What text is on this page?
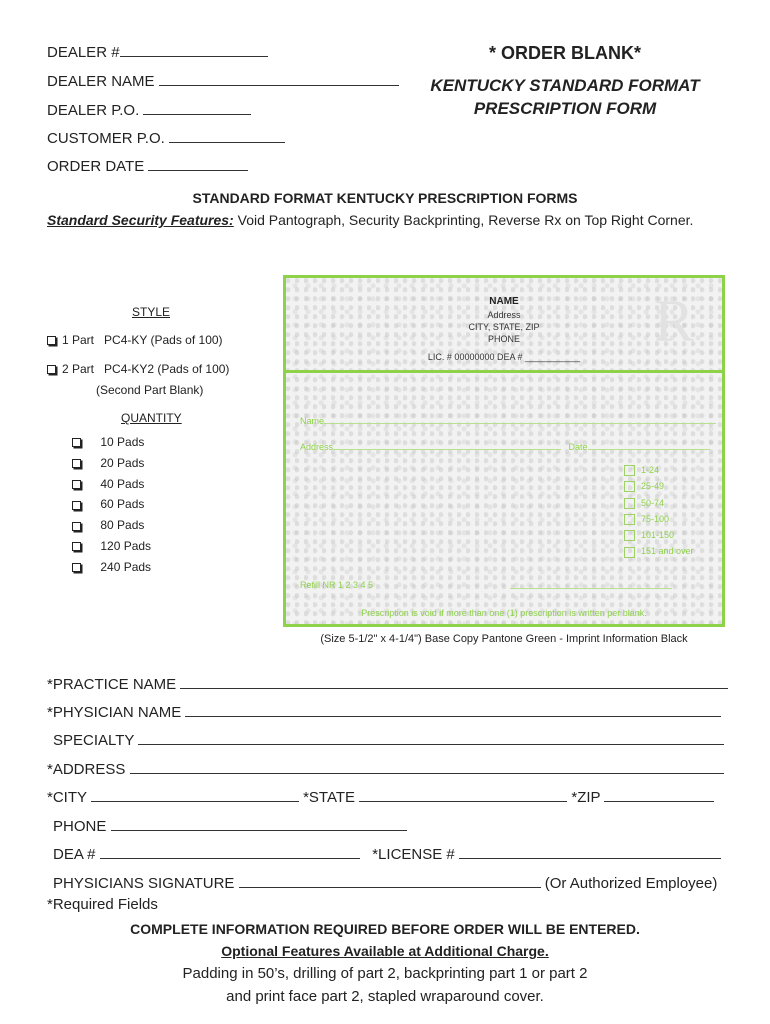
DEALER #
DEALER NAME
DEALER P.O.
CUSTOMER P.O.
ORDER DATE
* ORDER BLANK*
KENTUCKY STANDARD FORMAT
PRESCRIPTION FORM
STANDARD FORMAT KENTUCKY PRESCRIPTION FORMS
Standard Security Features: Void Pantograph, Security Backprinting, Reverse Rx on Top Right Corner.
STYLE
1 Part PC4-KY (Pads of 100)
2 Part PC4-KY2 (Pads of 100)
(Second Part Blank)
QUANTITY
10 Pads
20 Pads
40 Pads
60 Pads
80 Pads
120 Pads
240 Pads
R
NAME
Address
CITY, STATE, ZIP
PHONE
LIC. # 00000000 DEA # ___________
Name
Address	Date
1-24
25-49
50-74
75-100
101-150
151 and over
Refill NR 1 2 3 4 5
Prescription is void if more than one (1) prescription is written per blank.
(Size 5-1/2" x 4-1/4") Base Copy Pantone Green - Imprint Information Black
*PRACTICE NAME
*PHYSICIAN NAME
SPECIALTY
*ADDRESS
*CITY	*STATE	*ZIP
PHONE
DEA #	*LICENSE #
PHYSICIANS SIGNATURE	(Or Authorized Employee)
*Required Fields
COMPLETE INFORMATION REQUIRED BEFORE ORDER WILL BE ENTERED.
Optional Features Available at Additional Charge.
Padding in 50’s, drilling of part 2, backprinting part 1 or part 2
and print face part 2, stapled wraparound cover.
